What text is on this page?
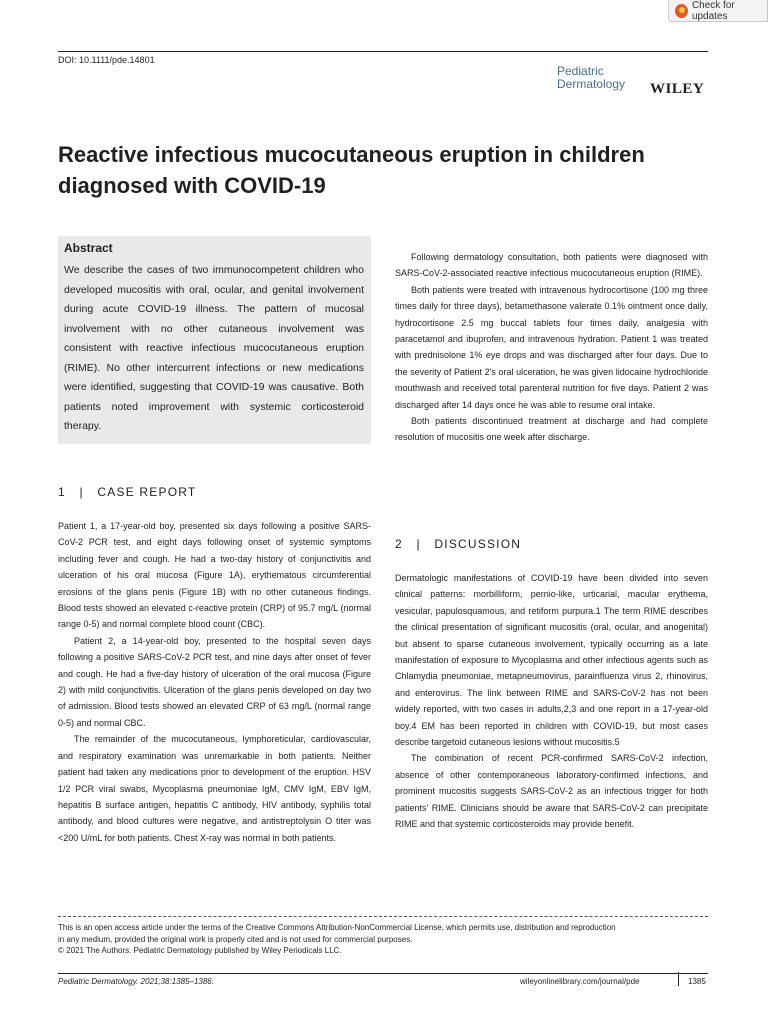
Check for updates
DOI: 10.1111/pde.14801
Pediatric
Dermatology WILEY
Reactive infectious mucocutaneous eruption in children
diagnosed with COVID-19
Abstract
We describe the cases of two immunocompetent children who developed mucositis with oral, ocular, and genital involvement during acute COVID-19 illness. The pattern of mucosal involvement with no other cutaneous involvement was consistent with reactive infectious mucocutaneous eruption (RIME). No other intercurrent infections or new medications were identified, suggesting that COVID-19 was causative. Both patients noted improvement with systemic corticosteroid therapy.
1   |   CASE REPORT

Patient 1, a 17-year-old boy, presented six days following a positive SARS-CoV-2 PCR test, and eight days following onset of systemic symptoms including fever and cough. He had a two-day history of conjunctivitis and ulceration of his oral mucosa (Figure 1A), erythematous circumferential erosions of the glans penis (Figure 1B) with no other cutaneous findings. Blood tests showed an elevated c-reactive protein (CRP) of 95.7 mg/L (normal range 0-5) and normal complete blood count (CBC).

Patient 2, a 14-year-old boy, presented to the hospital seven days following a positive SARS-CoV-2 PCR test, and nine days after onset of fever and cough. He had a five-day history of ulceration of the oral mucosa (Figure 2) with mild conjunctivitis. Ulceration of the glans penis developed on day two of admission. Blood tests showed an elevated CRP of 63 mg/L (normal range 0-5) and normal CBC.

The remainder of the mucocutaneous, lymphoreticular, cardiovascular, and respiratory examination was unremarkable in both patients. Neither patient had taken any medications prior to development of the eruption. HSV 1/2 PCR viral swabs, Mycoplasma pneumoniae IgM, CMV IgM, EBV IgM, hepatitis B surface antigen, hepatitis C antibody, HIV antibody, syphilis total antibody, and blood cultures were negative, and antistreptolysin O titer was <200 U/mL for both patients. Chest X-ray was normal in both patients.

Following dermatology consultation, both patients were diagnosed with SARS-CoV-2-associated reactive infectious mucocutaneous eruption (RIME).

Both patients were treated with intravenous hydrocortisone (100 mg three times daily for three days), betamethasone valerate 0.1% ointment once daily, hydrocortisone 2.5 mg buccal tablets four times daily, analgesia with paracetamol and ibuprofen, and intravenous hydration. Patient 1 was treated with prednisolone 1% eye drops and was discharged after four days. Due to the severity of Patient 2's oral ulceration, he was given lidocaine hydrochloride mouthwash and received total parenteral nutrition for five days. Patient 2 was discharged after 14 days once he was able to resume oral intake.

Both patients discontinued treatment at discharge and had complete resolution of mucositis one week after discharge.

2   |   DISCUSSION

Dermatologic manifestations of COVID-19 have been divided into seven clinical patterns: morbilliform, pernio-like, urticarial, macular erythema, vesicular, papulosquamous, and retiform purpura.1 The term RIME describes the clinical presentation of significant mucositis (oral, ocular, and anogenital) but absent to sparse cutaneous involvement, typically occurring as a late manifestation of exposure to Mycoplasma and other infectious agents such as Chlamydia pneumoniae, metapneumovirus, parainfluenza virus 2, rhinovirus, and enterovirus. The link between RIME and SARS-CoV-2 has not been widely reported, with two cases in adults,2,3 and one report in a 17-year-old boy.4 EM has been reported in children with COVID-19, but most cases describe targetoid cutaneous lesions without mucositis.5

The combination of recent PCR-confirmed SARS-CoV-2 infection, absence of other contemporaneous laboratory-confirmed infections, and prominent mucositis suggests SARS-CoV-2 as an infectious trigger for both patients' RIME. Clinicians should be aware that SARS-CoV-2 can precipitate RIME and that systemic corticosteroids may provide benefit.

This is an open access article under the terms of the Creative Commons Attribution-NonCommercial License, which permits use, distribution and reproduction
in any medium, provided the original work is properly cited and is not used for commercial purposes.
© 2021 The Authors. Pediatric Dermatology published by Wiley Periodicals LLC.
Pediatric Dermatology. 2021;38:1385–1386.	wileyonlinelibrary.com/journal/pde	1385
